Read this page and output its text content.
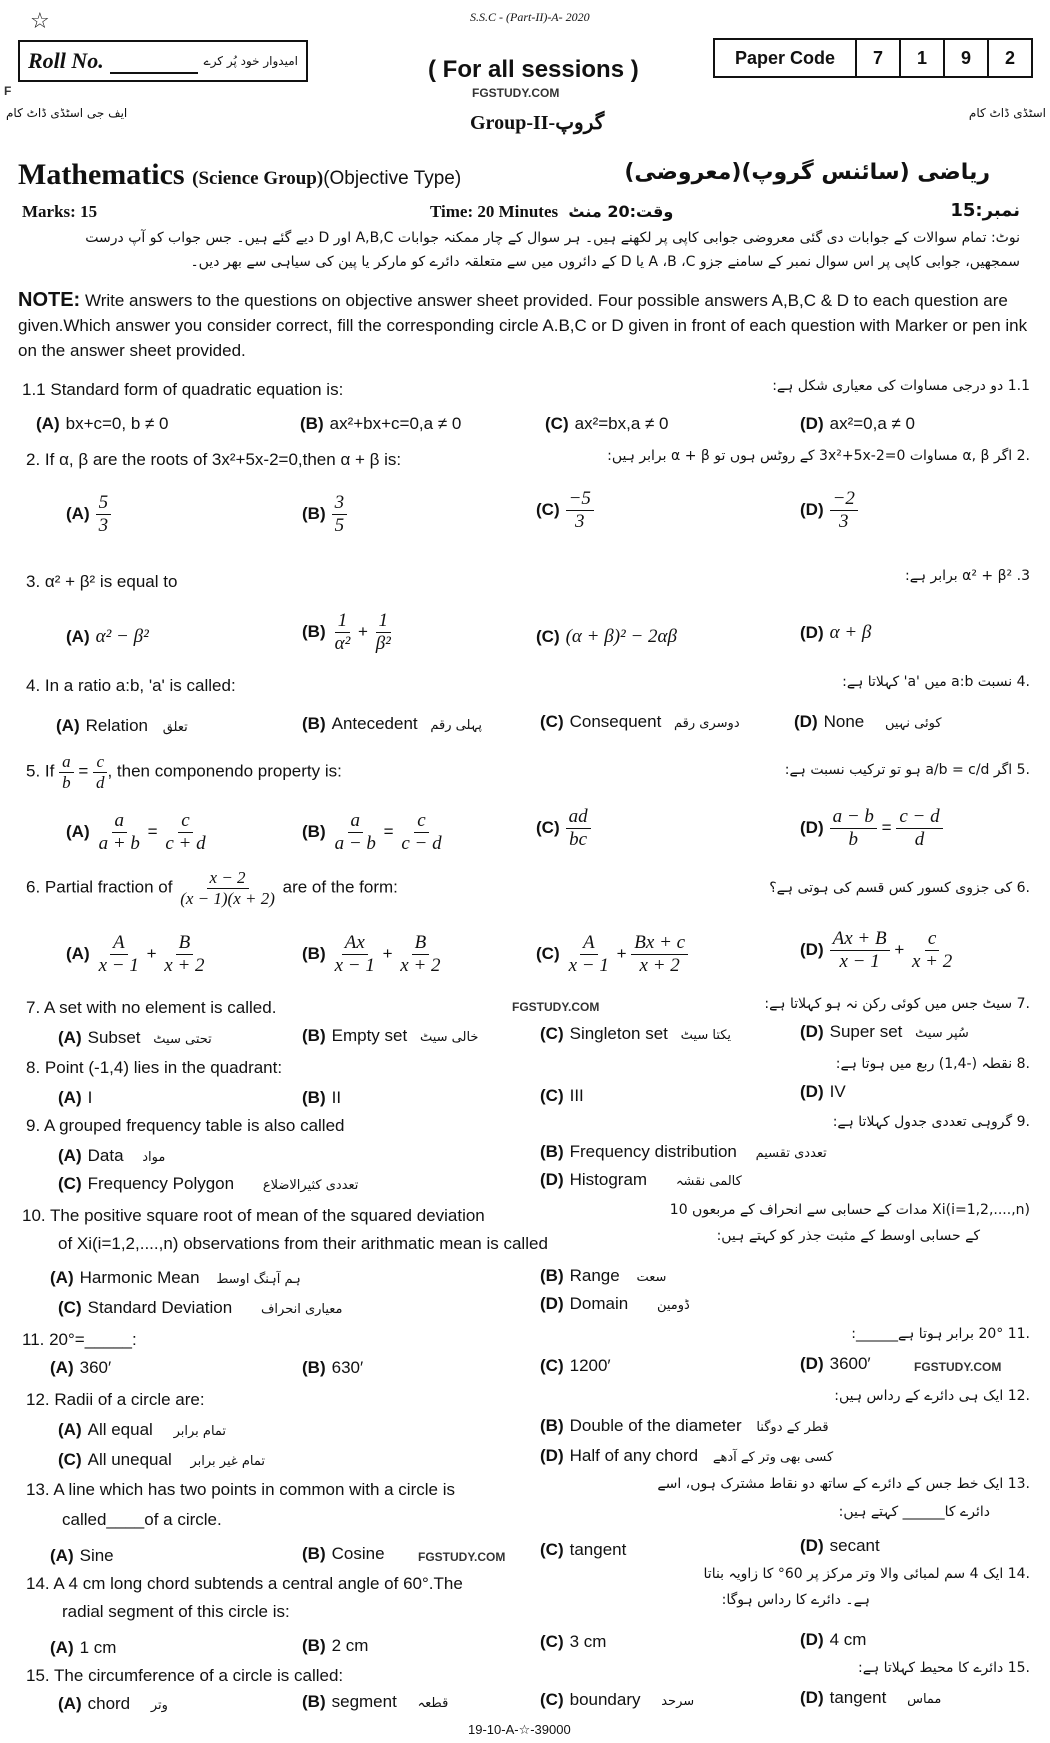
☆	S.S.C - (Part-II)-A- 2020
Roll No.	امیدوار خود پُر کرے
F
ایف جی اسٹڈی ڈاٹ کام
( For all sessions )
FGSTUDY.COM
Paper Code	7	1	9	2
اسٹڈی ڈاٹ کام
Group-II-گروپ
Mathematics (Science Group)(Objective Type)	ریاضی (سائنس گروپ)(معروضی)
Marks: 15	Time: 20 Minutes وقت:20 منٹ	نمبر:15
نوٹ: تمام سوالات کے جوابات دی گئی معروضی جوابی کاپی پر لکھنے ہیں۔ ہر سوال کے چار ممکنہ جوابات A,B,C اور D دیے گئے ہیں۔ جس جواب کو آپ درست سمجھیں، جوابی کاپی پر اس سوال نمبر کے سامنے جزو A ،B ،C یا D کے دائروں میں سے متعلقہ دائرے کو مارکر یا پین کی سیاہی سے بھر دیں۔
NOTE: Write answers to the questions on objective answer sheet provided. Four possible answers A,B,C & D to each question are given.Which answer you consider correct, fill the corresponding circle A.B,C or D given in front of each question with Marker or pen ink on the answer sheet provided.
1.1 Standard form of quadratic equation is:	1.1 دو درجی مساوات کی معیاری شکل ہے:
(A) bx+c=0, b ≠ 0	(B) ax²+bx+c=0,a ≠ 0	(C) ax²=bx,a ≠ 0	(D) ax²=0,a ≠ 0
2. If α, β are the roots of 3x²+5x-2=0,then α + β is:	.2 اگر α, β مساوات 3x²+5x-2=0 کے روٹس ہوں تو α + β برابر ہیں:
$(A) \frac{5}{3}$	$(B) \frac{3}{5}$	$(C) \frac{-5}{3}$	$(D) \frac{-2}{3}$
3. α² + β² is equal to	3. α² + β² برابر ہے:
(A) α² − β²	$(B) \frac{1}{\text{α²}} + \frac{1}{\text{β²}}$	(C) (α + β)² − 2αβ	(D) α + β
4. In a ratio a:b, 'a' is called:	.4 نسبت a:b میں 'a' کہلاتا ہے:
(A) Relation تعلق	(B) Antecedent پہلی رقم	(C) Consequent دوسری رقم	(D) None کوئی نہیں
5. If $\frac{a}{b} = \frac{c}{d}$ , then componendo property is:	.5 اگر a/b = c/d ہو تو ترکیب نسبت ہے:
$(A) \frac{a}{a + b} = \frac{c}{c + d}$	$(B) \frac{a}{a - b} = \frac{c}{c - d}$	$(C) \frac{ad}{bc}$	$(D) \frac{a - b}{b} = \frac{c - d}{d}$
6. Partial fraction of $\frac{x - 2}{(x - 1)(x + 2)}$ are of the form:	.6 کی جزوی کسور کس قسم کی ہوتی ہے؟
$(A) \frac{A}{x - 1} + \frac{B}{x + 2}$	$(B) \frac{Ax}{x - 1} + \frac{B}{x + 2}$	$(C) \frac{A}{x - 1} + \frac{Bx + c}{x + 2}$	$(D) \frac{Ax + B}{x - 1} + \frac{c}{x + 2}$
7. A set with no element is called.	FGSTUDY.COM	.7 سیٹ جس میں کوئی رکن نہ ہو کہلاتا ہے:
(A) Subset تحتی سیٹ	(B) Empty set خالی سیٹ	(C) Singleton set یکتا سیٹ	(D) Super set سُپر سیٹ
8. Point (-1,4) lies in the quadrant:	.8 نقطہ (-1,4) ربع میں ہوتا ہے:
(A) I	(B) II	(C) III	(D) IV
9. A grouped frequency table is also called	.9 گروہی تعددی جدول کہلاتا ہے:
(A) Data مواد	(B) Frequency distribution تعددی تقسیم
(C) Frequency Polygon تعددی کثیرالاضلاع	(D) Histogram کالمی نقشہ
10. The positive square root of mean of the squared deviation
of Xi(i=1,2,....,n) observations from their arithmatic mean is called
Xi(i=1,2,....,n) مدات کے حسابی سے انحراف کے مربعوں 10
کے حسابی اوسط کے مثبت جذر کو کہتے ہیں:
(A) Harmonic Mean ہم آہنگ اوسط	(B) Range سعت
(C) Standard Deviation معیاری انحراف	(D) Domain ڈومین
11. 20°=_____:	.11 20° برابر ہوتا ہے______:
(A) 360′	(B) 630′	(C) 1200′	(D) 3600′	FGSTUDY.COM
12. Radii of a circle are:	.12 ایک ہی دائرے کے رداس ہیں:
(A) All equal تمام برابر	(B) Double of the diameter قطر کے دوگنا
(C) All unequal تمام غیر برابر	(D) Half of any chord کسی بھی وتر کے آدھے
13. A line which has two points in common with a circle is
called____of a circle.
.13 ایک خط جس کے دائرے کے ساتھ دو نقاط مشترک ہوں، اسے
دائرے کا______ کہتے ہیں:
(A) Sine	(B) Cosine	FGSTUDY.COM (C) tangent	(D) secant
14. A 4 cm long chord subtends a central angle of 60°.The
radial segment of this circle is:
.14 ایک 4 سم لمبائی والا وتر مرکز پر 60° کا زاویہ بناتا
ہے۔ دائرے کا رداس ہوگا:
(A) 1 cm	(B) 2 cm	(C) 3 cm	(D) 4 cm
15. The circumference of a circle is called:	.15 دائرے کا محیط کہلاتا ہے:
(A) chord وتر	(B) segment قطعہ	(C) boundary سرحد	(D) tangent مماس
19-10-A-☆-39000
